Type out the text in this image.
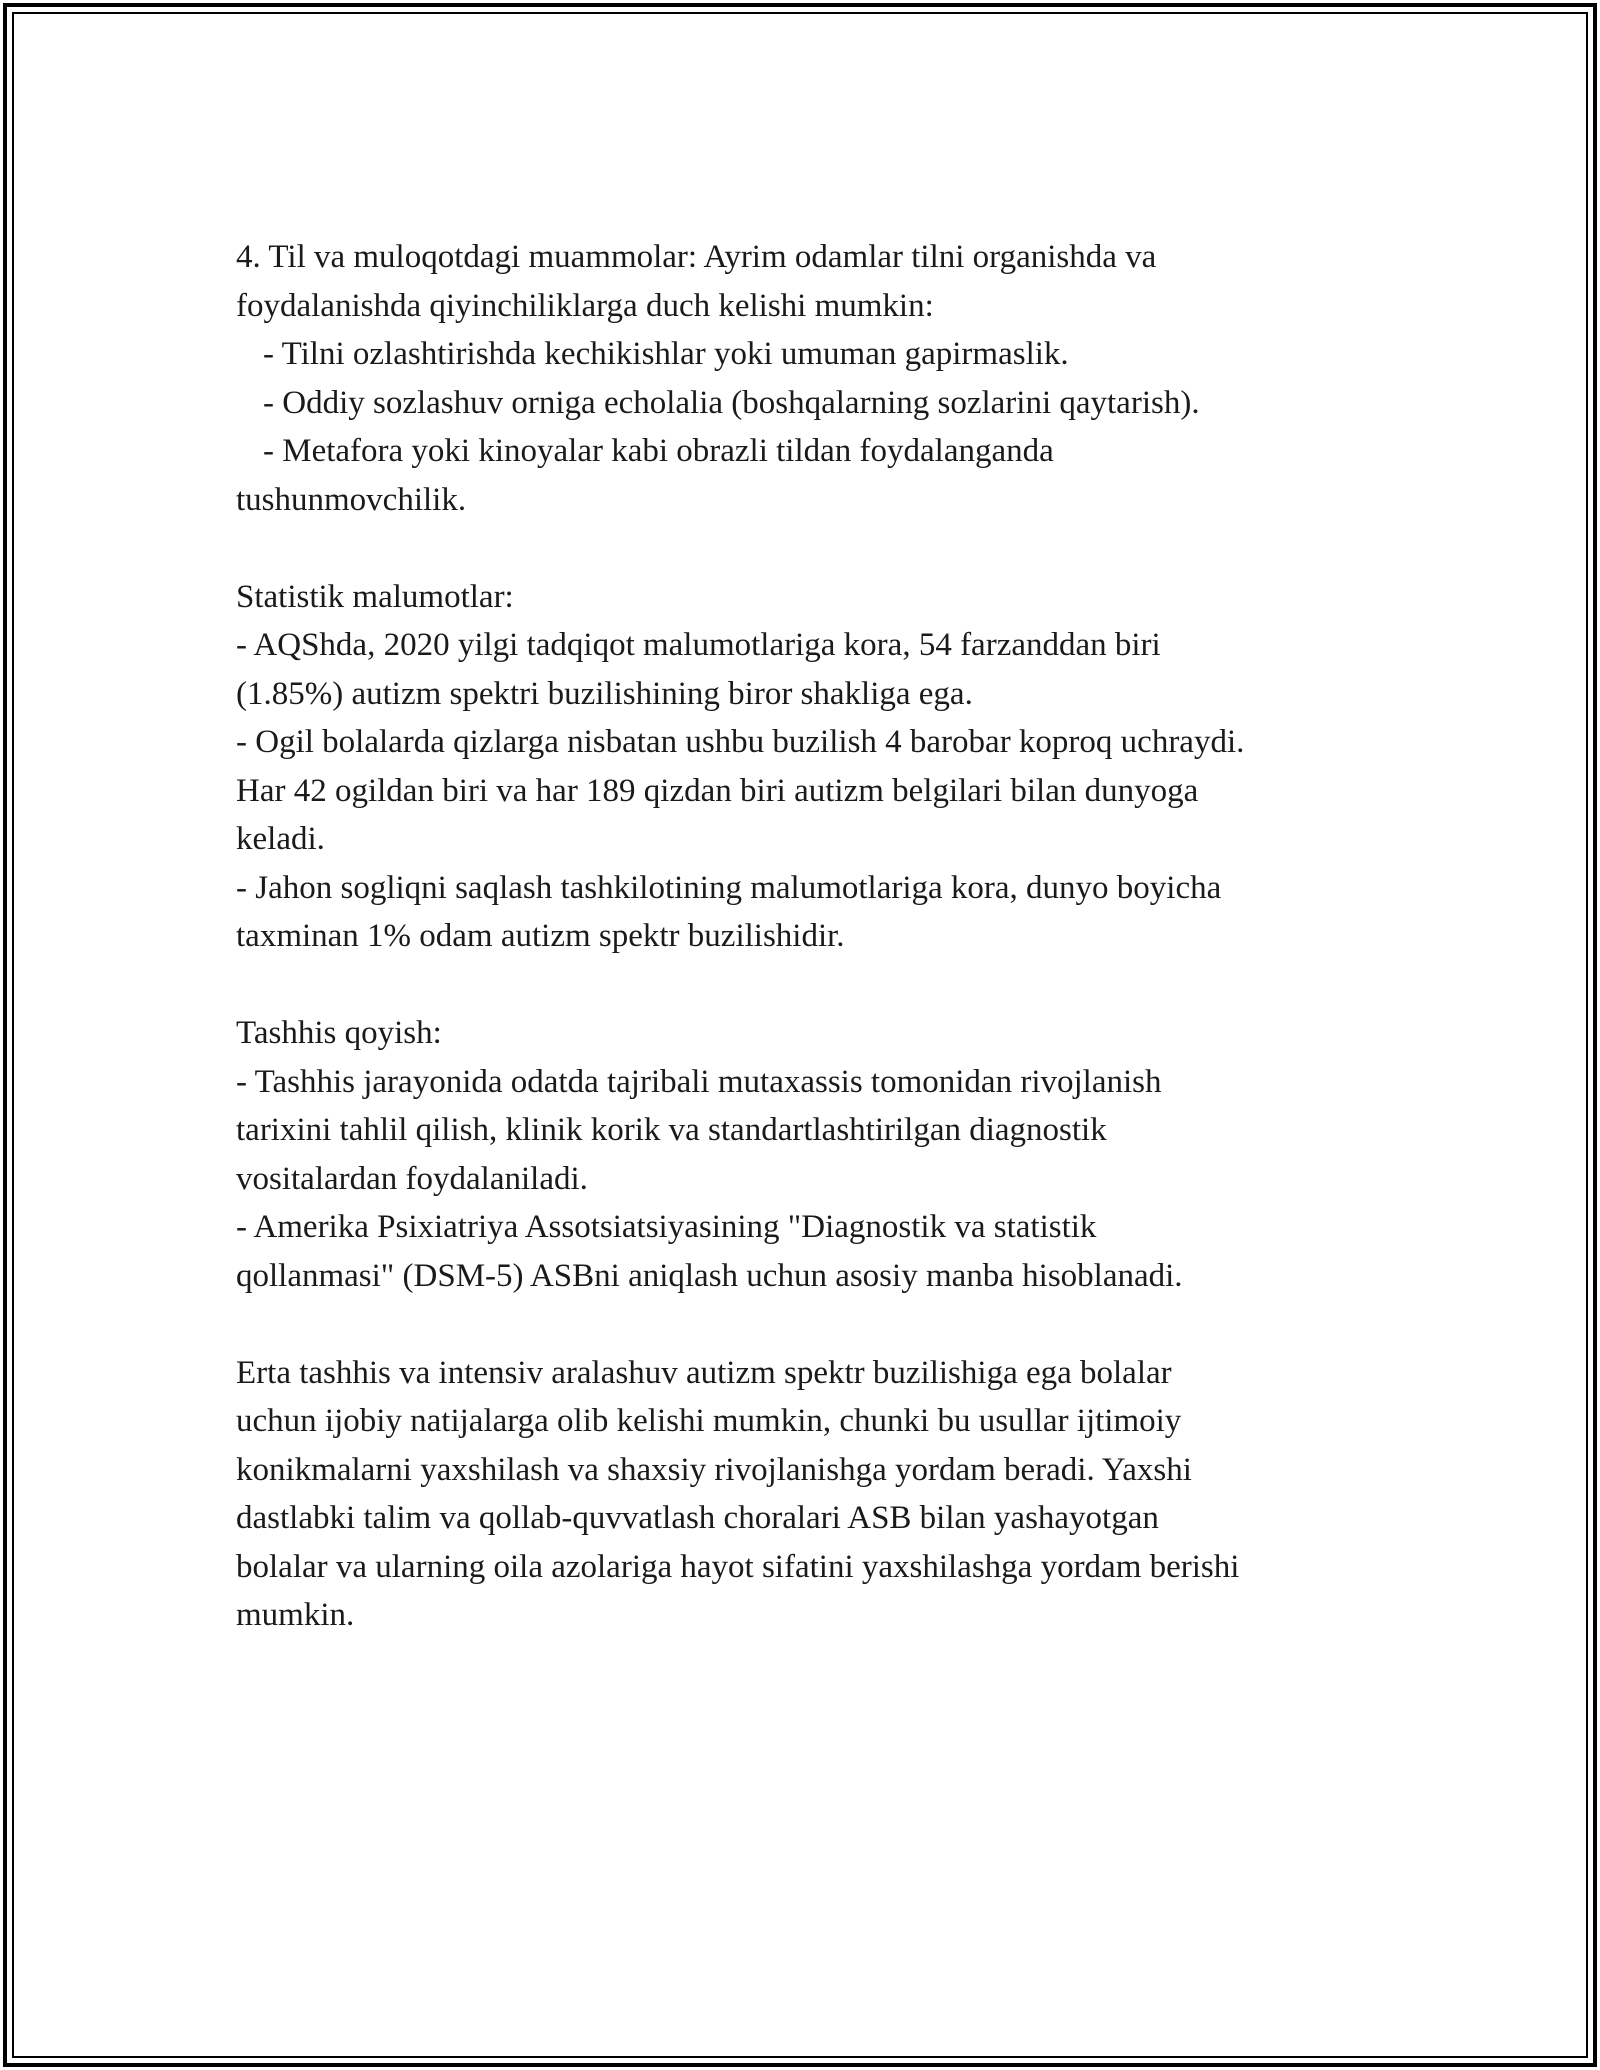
4. Til va muloqotdagi muammolar: Ayrim odamlar tilni organishda va

foydalanishda qiyinchiliklarga duch kelishi mumkin:

- Tilni ozlashtirishda kechikishlar yoki umuman gapirmaslik.

- Oddiy sozlashuv orniga echolalia (boshqalarning sozlarini qaytarish).

- Metafora yoki kinoyalar kabi obrazli tildan foydalanganda

tushunmovchilik.

Statistik malumotlar:

- AQShda, 2020 yilgi tadqiqot malumotlariga kora, 54 farzanddan biri

(1.85%) autizm spektri buzilishining biror shakliga ega.

- Ogil bolalarda qizlarga nisbatan ushbu buzilish 4 barobar koproq uchraydi.

Har 42 ogildan biri va har 189 qizdan biri autizm belgilari bilan dunyoga

keladi.

- Jahon sogliqni saqlash tashkilotining malumotlariga kora, dunyo boyicha

taxminan 1% odam autizm spektr buzilishidir.

Tashhis qoyish:

- Tashhis jarayonida odatda tajribali mutaxassis tomonidan rivojlanish

tarixini tahlil qilish, klinik korik va standartlashtirilgan diagnostik

vositalardan foydalaniladi.

- Amerika Psixiatriya Assotsiatsiyasining "Diagnostik va statistik

qollanmasi" (DSM-5) ASBni aniqlash uchun asosiy manba hisoblanadi.

Erta tashhis va intensiv aralashuv autizm spektr buzilishiga ega bolalar

uchun ijobiy natijalarga olib kelishi mumkin, chunki bu usullar ijtimoiy

konikmalarni yaxshilash va shaxsiy rivojlanishga yordam beradi. Yaxshi

dastlabki talim va qollab-quvvatlash choralari ASB bilan yashayotgan

bolalar va ularning oila azolariga hayot sifatini yaxshilashga yordam berishi

mumkin.
